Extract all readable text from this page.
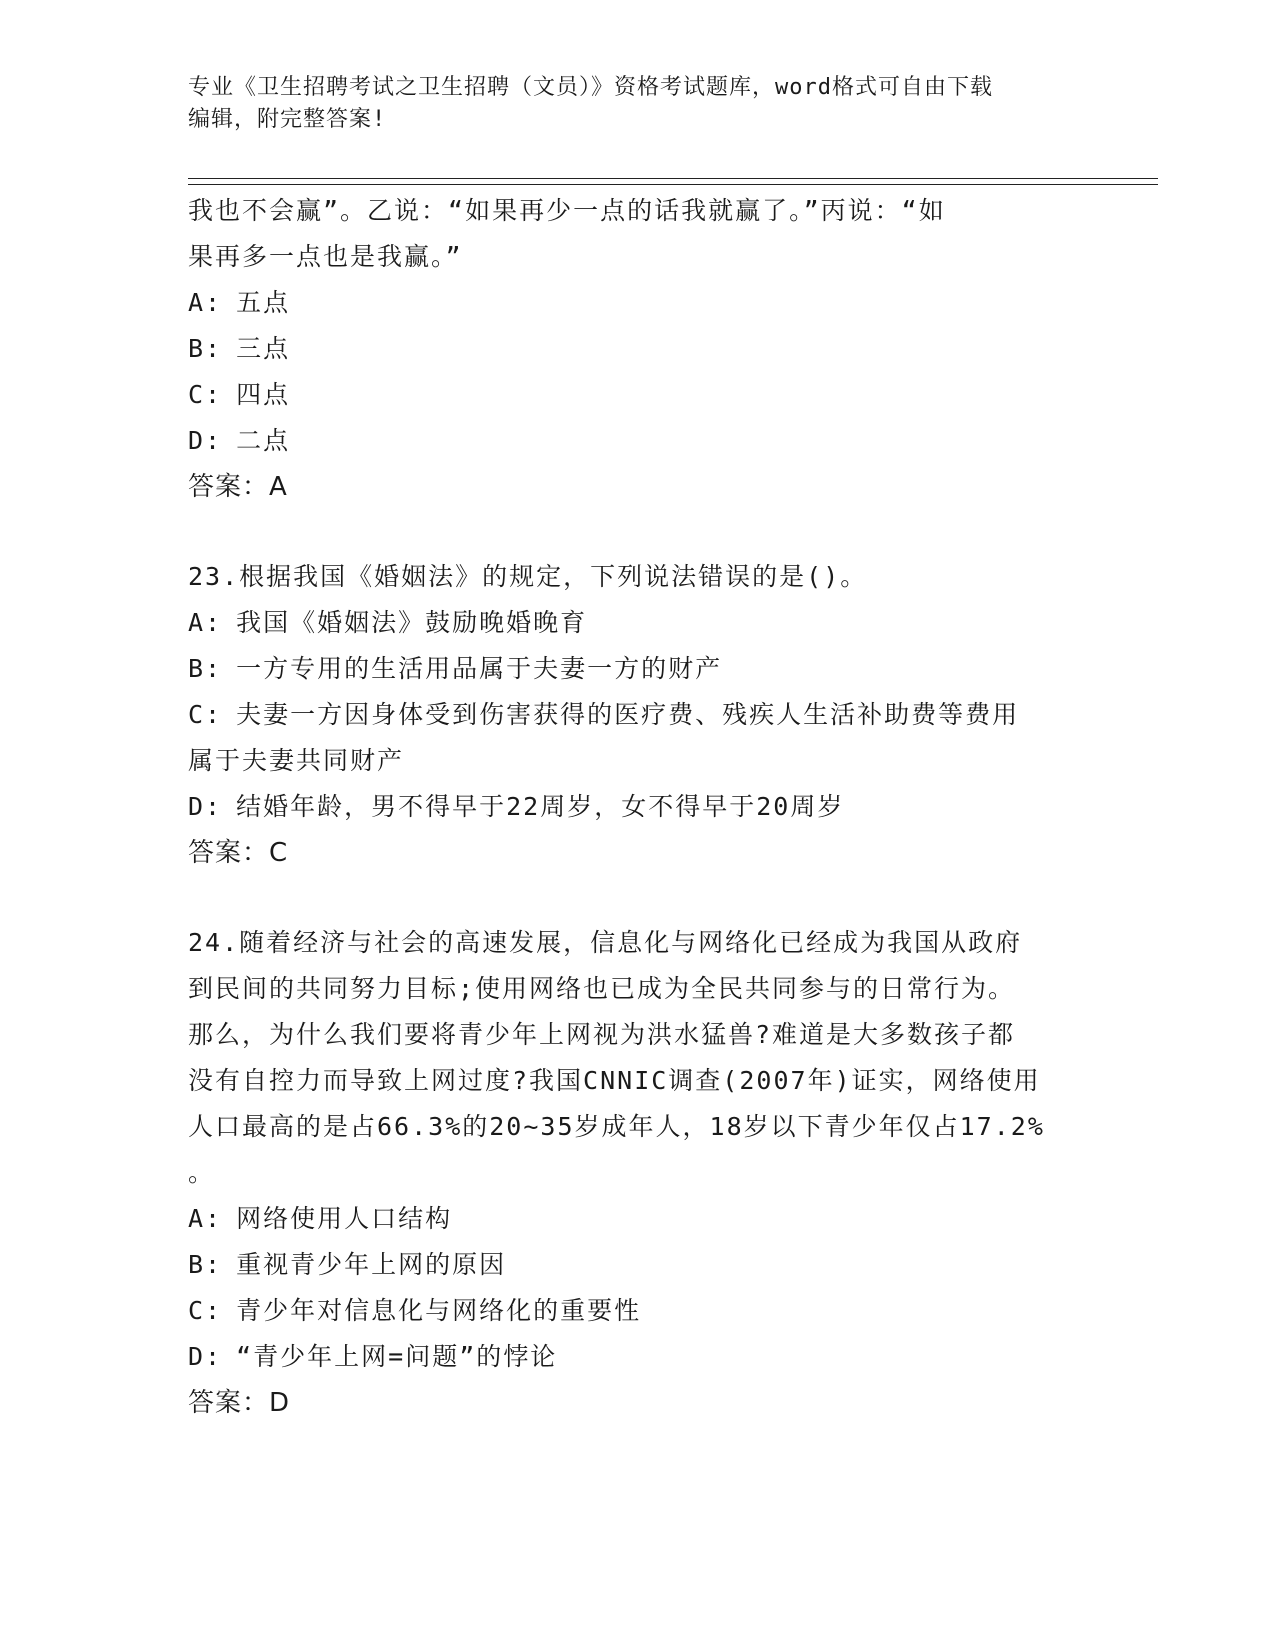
专业《卫生招聘考试之卫生招聘（文员）》资格考试题库，word格式可自由下载
编辑，附完整答案!
我也不会赢”。乙说：“如果再少一点的话我就赢了。”丙说：“如
果再多一点也是我赢。”
A: 五点
B: 三点
C: 四点
D: 二点
答案：A
23.根据我国《婚姻法》的规定，下列说法错误的是()。
A: 我国《婚姻法》鼓励晚婚晚育
B: 一方专用的生活用品属于夫妻一方的财产
C: 夫妻一方因身体受到伤害获得的医疗费、残疾人生活补助费等费用
属于夫妻共同财产
D: 结婚年龄，男不得早于22周岁，女不得早于20周岁
答案：C
24.随着经济与社会的高速发展，信息化与网络化已经成为我国从政府
到民间的共同努力目标;使用网络也已成为全民共同参与的日常行为。
那么，为什么我们要将青少年上网视为洪水猛兽?难道是大多数孩子都
没有自控力而导致上网过度?我国CNNIC调查(2007年)证实，网络使用
人口最高的是占66.3%的20~35岁成年人，18岁以下青少年仅占17.2%
。
A: 网络使用人口结构
B: 重视青少年上网的原因
C: 青少年对信息化与网络化的重要性
D: “青少年上网=问题”的悖论
答案：D
